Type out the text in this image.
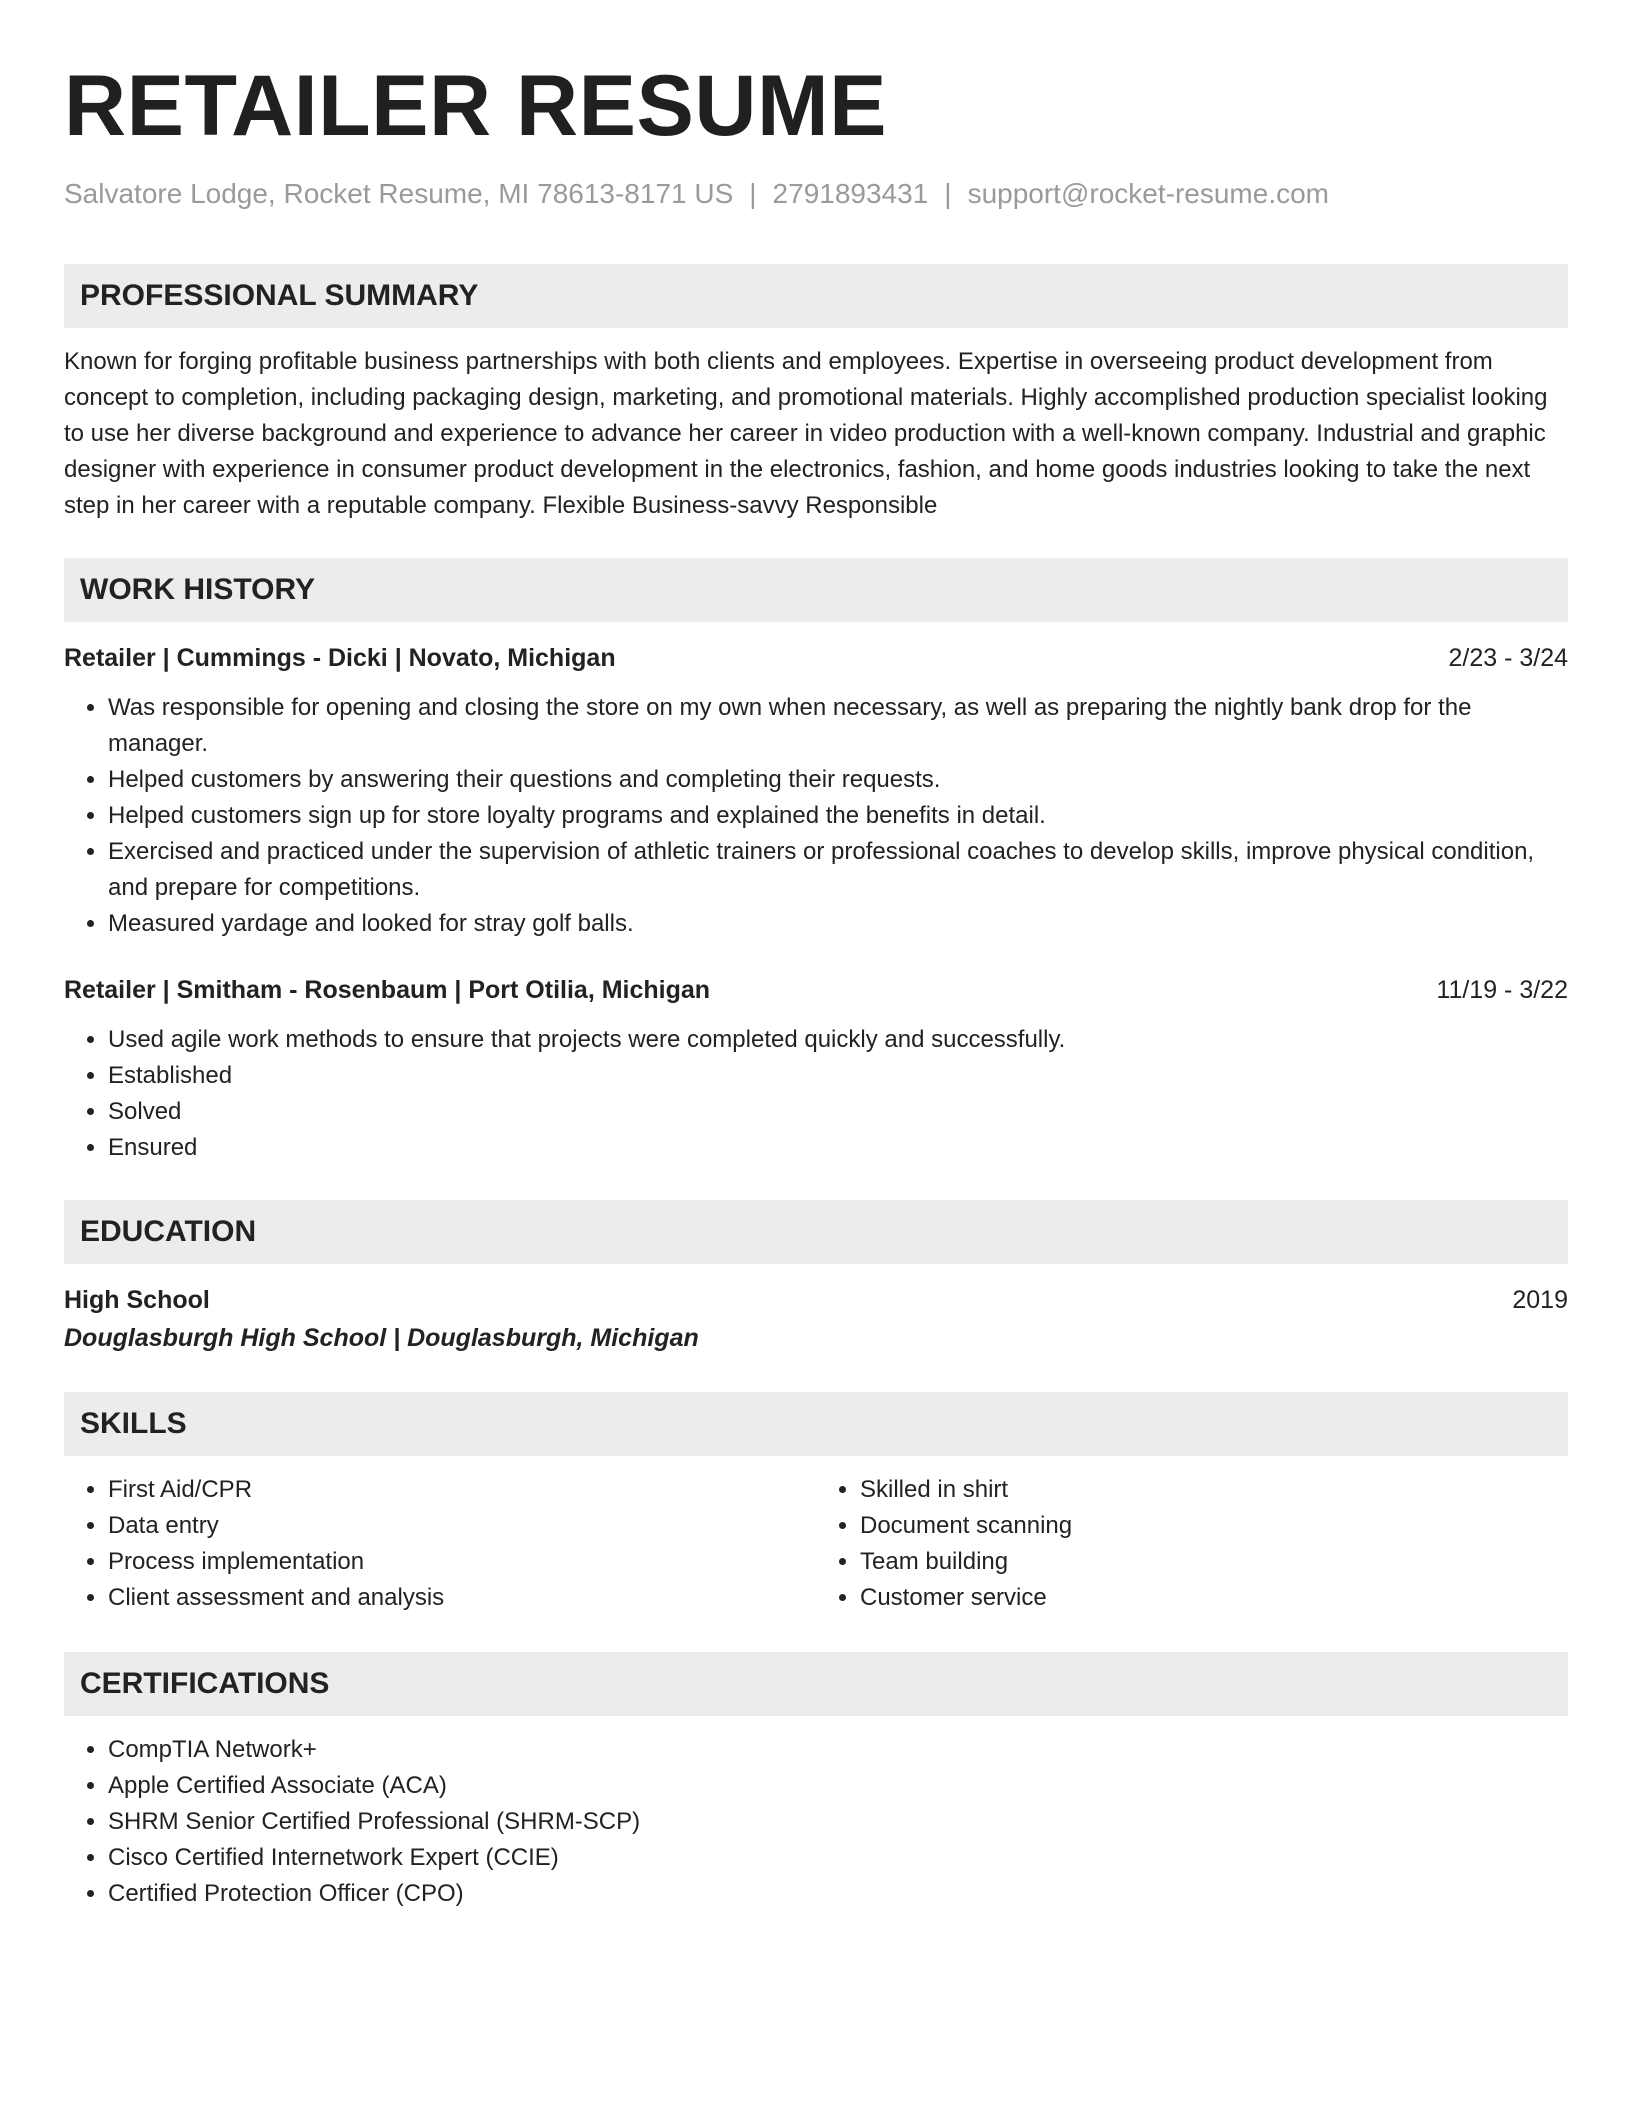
RETAILER RESUME
Salvatore Lodge, Rocket Resume, MI 78613-8171 US | 2791893431 | support@rocket-resume.com
PROFESSIONAL SUMMARY
Known for forging profitable business partnerships with both clients and employees. Expertise in overseeing product development from concept to completion, including packaging design, marketing, and promotional materials. Highly accomplished production specialist looking to use her diverse background and experience to advance her career in video production with a well-known company. Industrial and graphic designer with experience in consumer product development in the electronics, fashion, and home goods industries looking to take the next step in her career with a reputable company. Flexible Business-savvy Responsible
WORK HISTORY
Retailer | Cummings - Dicki | Novato, Michigan	2/23 - 3/24
• Was responsible for opening and closing the store on my own when necessary, as well as preparing the nightly bank drop for the manager.
• Helped customers by answering their questions and completing their requests.
• Helped customers sign up for store loyalty programs and explained the benefits in detail.
• Exercised and practiced under the supervision of athletic trainers or professional coaches to develop skills, improve physical condition, and prepare for competitions.
• Measured yardage and looked for stray golf balls.
Retailer | Smitham - Rosenbaum | Port Otilia, Michigan	11/19 - 3/22
• Used agile work methods to ensure that projects were completed quickly and successfully.
• Established
• Solved
• Ensured
EDUCATION
High School	2019
Douglasburgh High School | Douglasburgh, Michigan
SKILLS
• First Aid/CPR
• Data entry
• Process implementation
• Client assessment and analysis
• Skilled in shirt
• Document scanning
• Team building
• Customer service
CERTIFICATIONS
• CompTIA Network+
• Apple Certified Associate (ACA)
• SHRM Senior Certified Professional (SHRM-SCP)
• Cisco Certified Internetwork Expert (CCIE)
• Certified Protection Officer (CPO)
